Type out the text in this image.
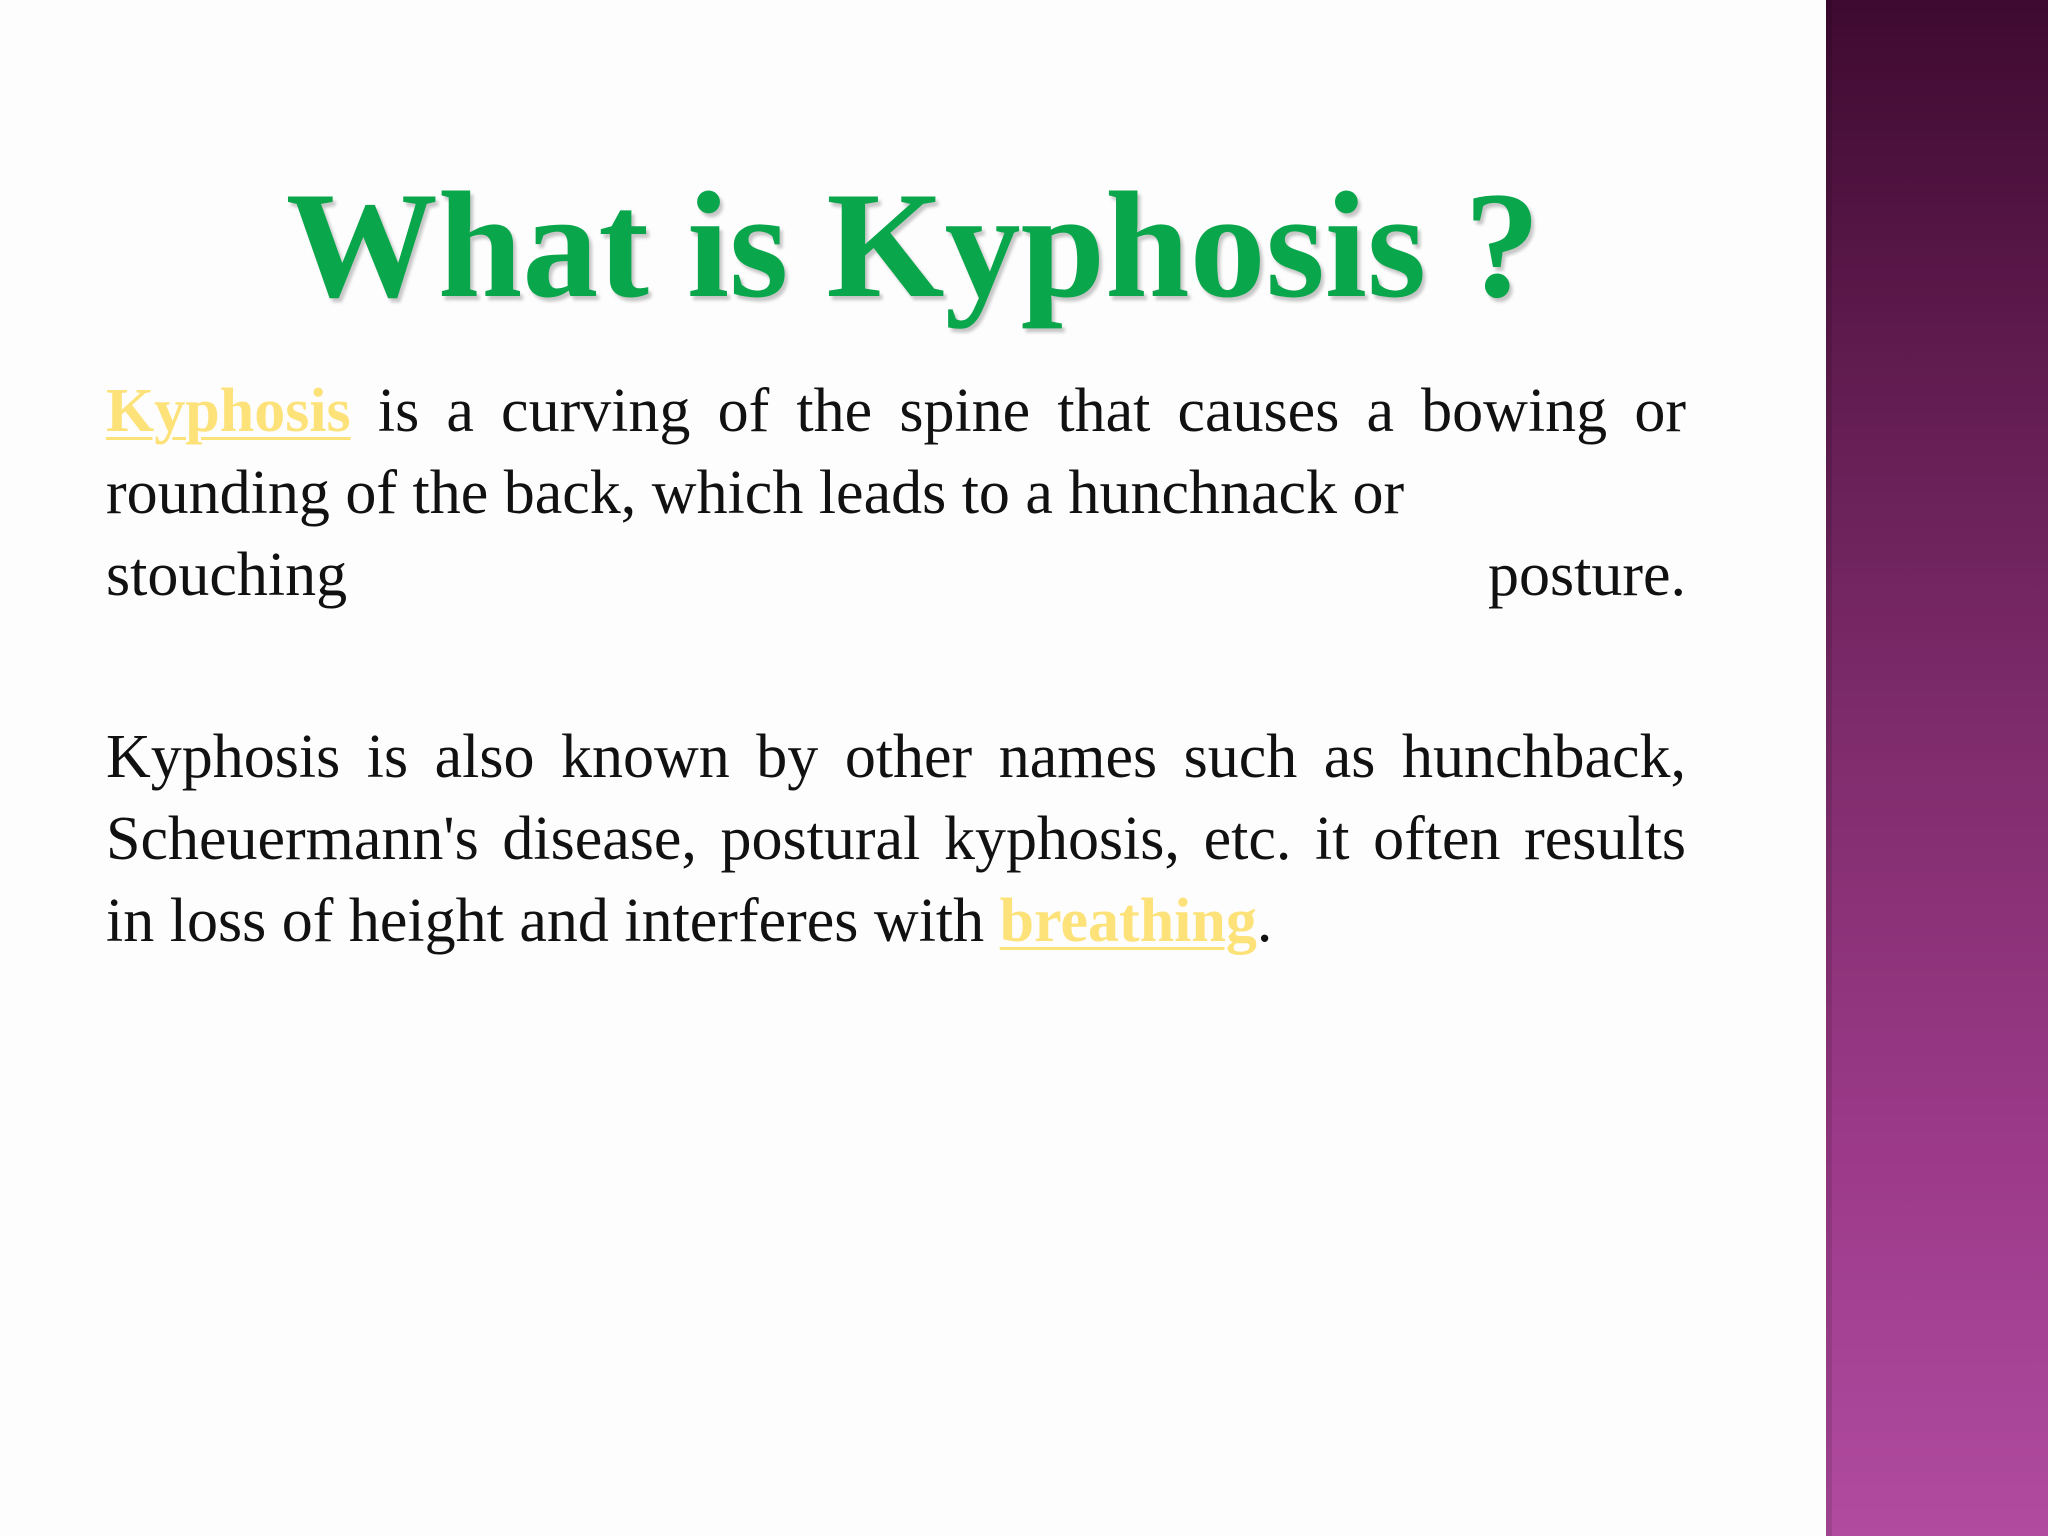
What is Kyphosis ?
Kyphosis is a curving of the spine that causes a bowing or rounding of the back, which leads to a hunchnack or
stouching	posture.
Kyphosis is also known by other names such as hunchback, Scheuermann's disease, postural kyphosis, etc. it often results in loss of height and interferes with breathing.
